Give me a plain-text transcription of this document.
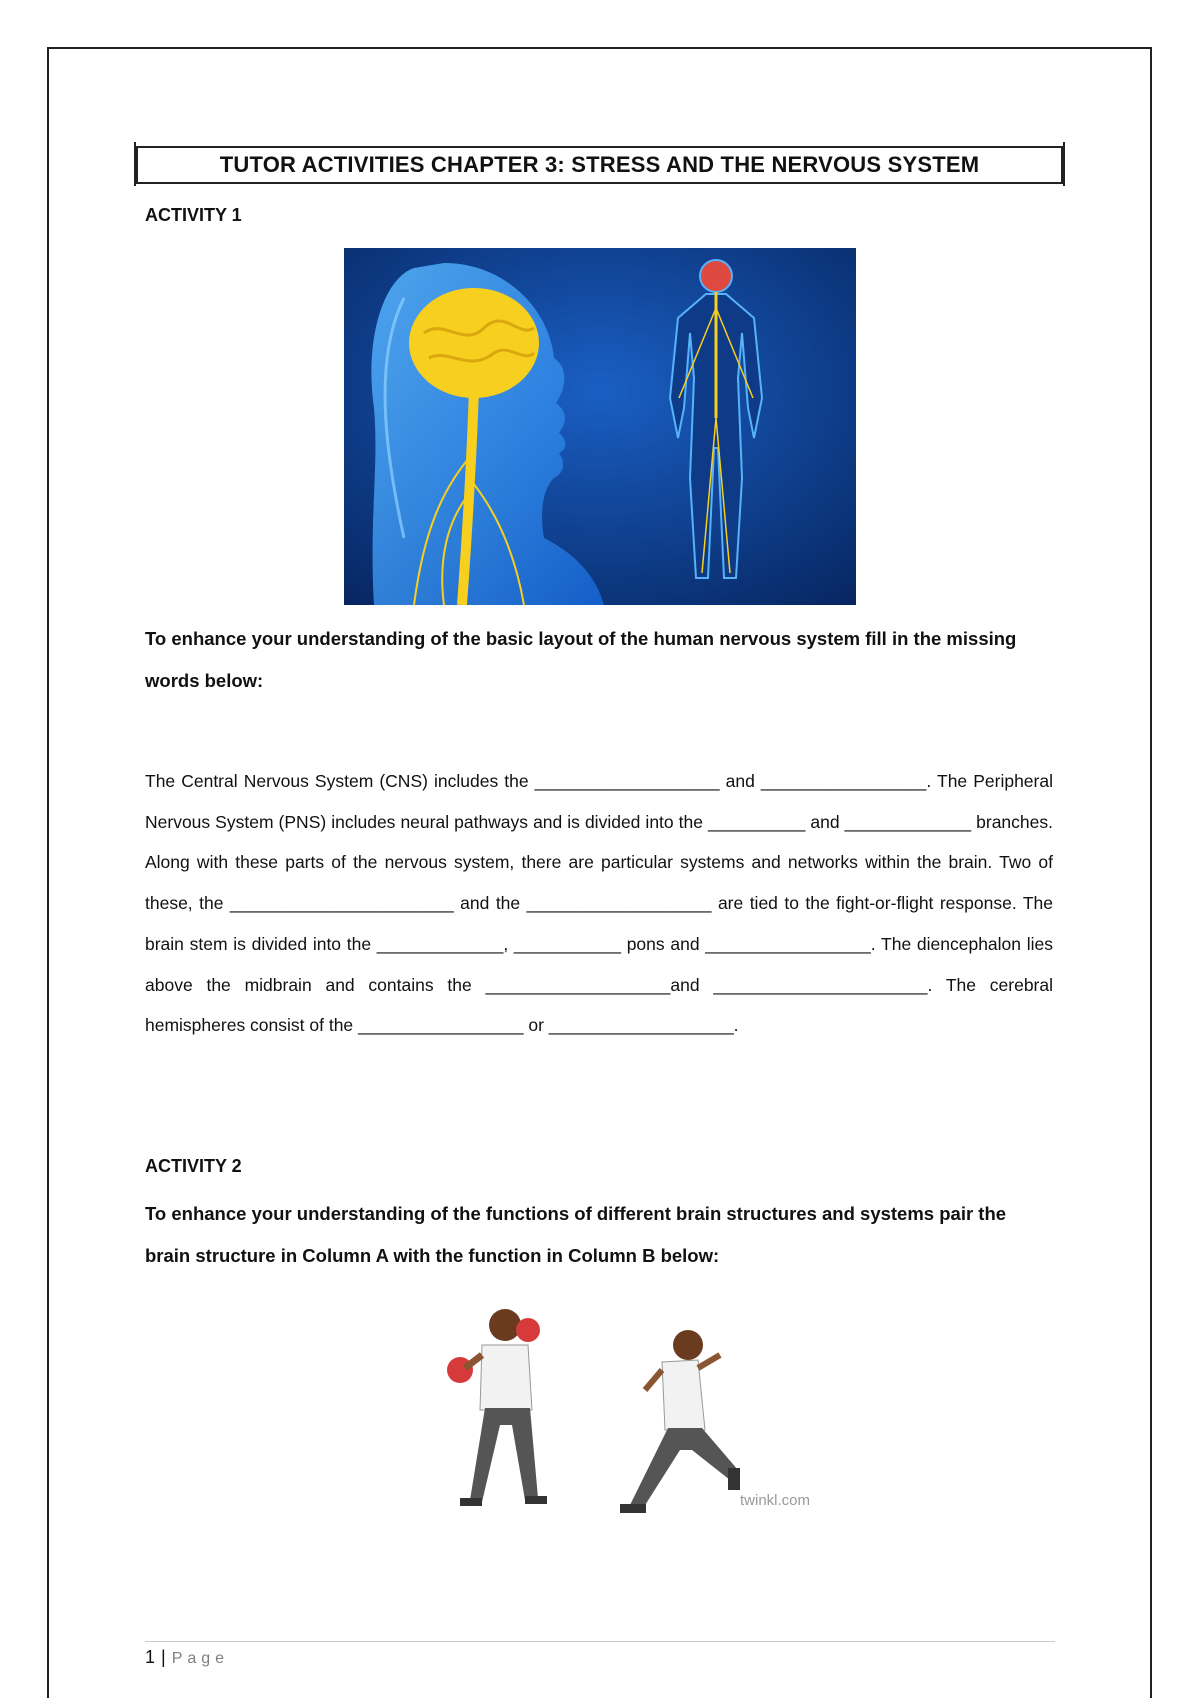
TUTOR ACTIVITIES CHAPTER 3: STRESS AND THE NERVOUS SYSTEM
ACTIVITY 1
To enhance your understanding of the basic layout of the human nervous system fill in the missing words below:
The Central Nervous System (CNS) includes the ___________________ and _________________. The Peripheral Nervous System (PNS) includes neural pathways and is divided into the __________ and _____________ branches. Along with these parts of the nervous system, there are particular systems and networks within the brain. Two of these, the _______________________ and the ___________________ are tied to the fight-or-flight response. The brain stem is divided into the _____________, ___________ pons and _________________. The diencephalon lies above the midbrain and contains the ___________________and ______________________. The cerebral hemispheres consist of the _________________ or ___________________.
ACTIVITY 2
To enhance your understanding of the functions of different brain structures and systems pair the brain structure in Column A with the function in Column B below:
twinkl.com
1 | Page
